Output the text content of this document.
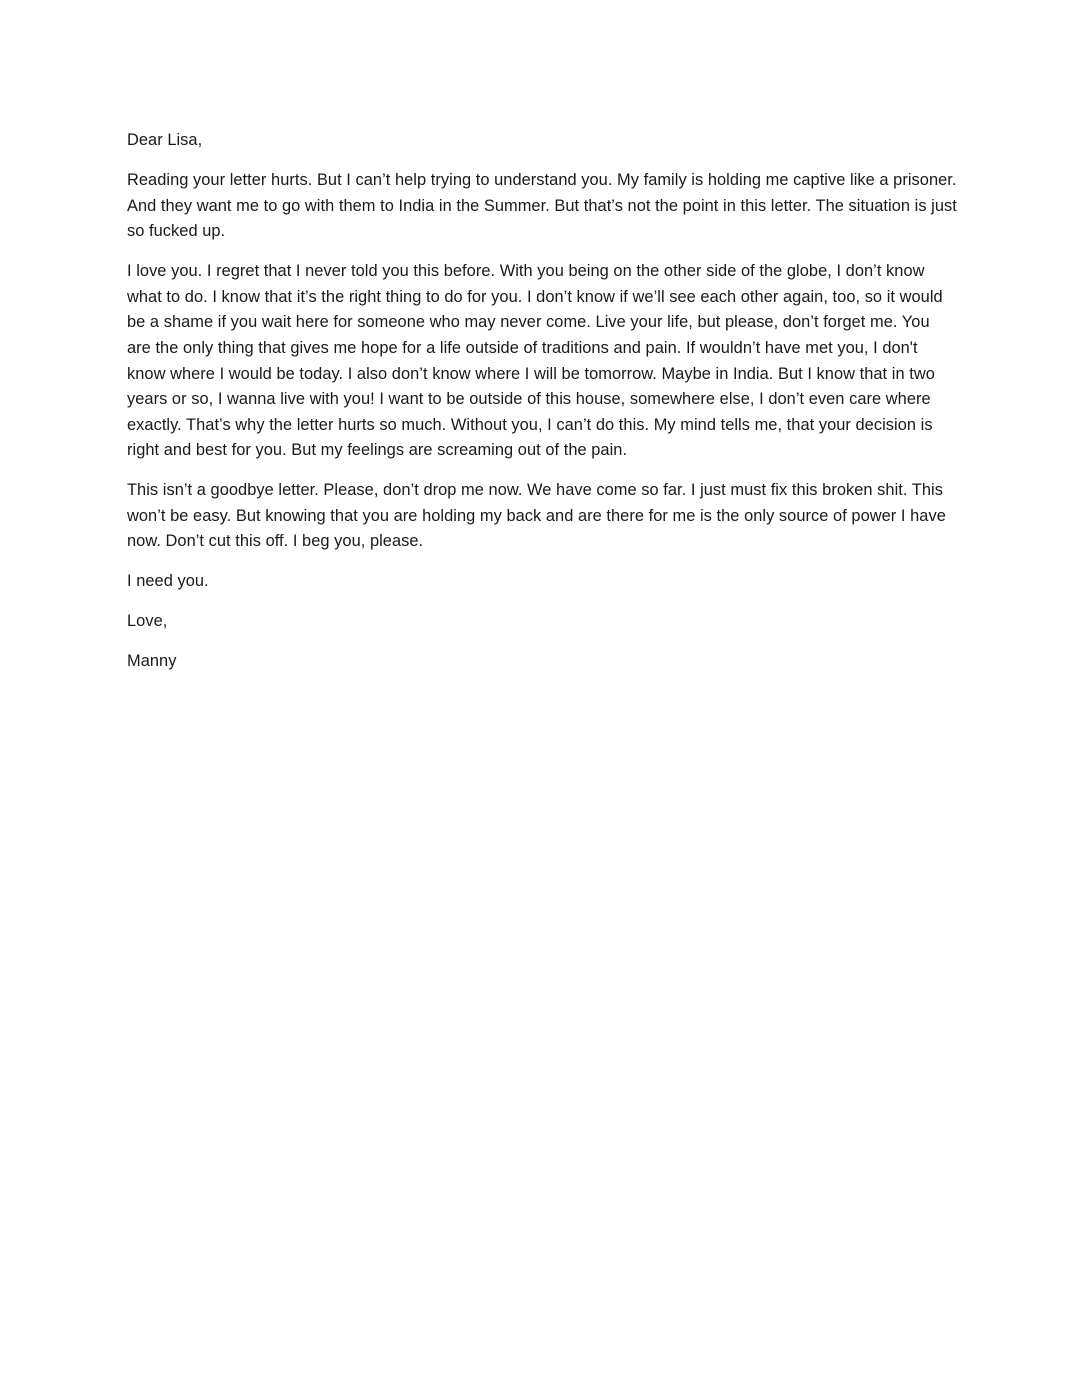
Dear Lisa,

Reading your letter hurts. But I can’t help trying to understand you. My family is holding me captive like a prisoner. And they want me to go with them to India in the Summer. But that’s not the point in this letter. The situation is just so fucked up.

I love you. I regret that I never told you this before. With you being on the other side of the globe, I don’t know what to do. I know that it’s the right thing to do for you. I don’t know if we’ll see each other again, too, so it would be a shame if you wait here for someone who may never come. Live your life, but please, don’t forget me. You are the only thing that gives me hope for a life outside of traditions and pain. If wouldn’t have met you, I don't know where I would be today. I also don’t know where I will be tomorrow. Maybe in India. But I know that in two years or so, I wanna live with you! I want to be outside of this house, somewhere else, I don’t even care where exactly. That’s why the letter hurts so much. Without you, I can’t do this. My mind tells me, that your decision is right and best for you. But my feelings are screaming out of the pain.

This isn’t a goodbye letter. Please, don’t drop me now. We have come so far. I just must fix this broken shit. This won’t be easy. But knowing that you are holding my back and are there for me is the only source of power I have now. Don’t cut this off. I beg you, please.

I need you.

Love,

Manny
